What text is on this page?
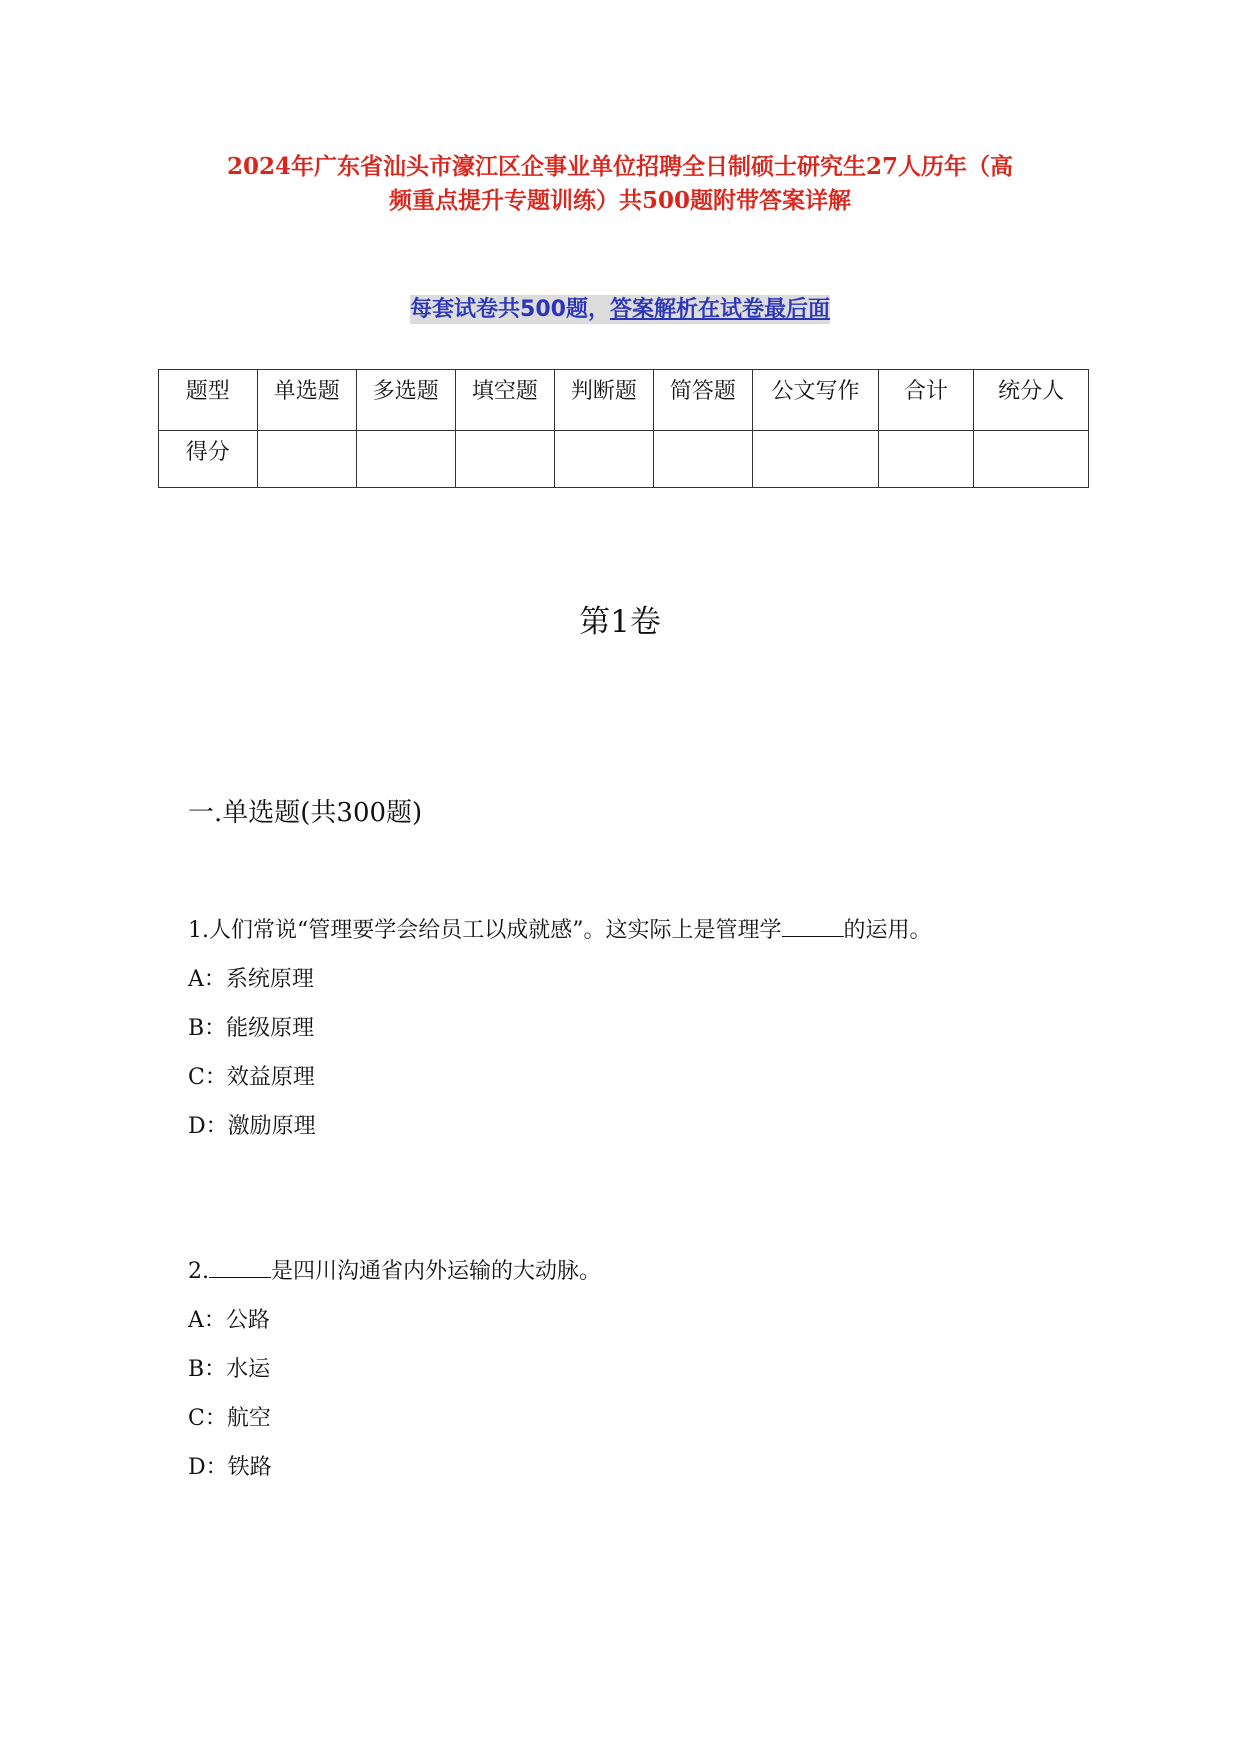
2024年广东省汕头市濠江区企事业单位招聘全日制硕士研究生27人历年（高
频重点提升专题训练）共500题附带答案详解
每套试卷共500题，答案解析在试卷最后面
题型	单选题	多选题	填空题	判断题	简答题	公文写作	合计	统分人
得分								
第1卷
一.单选题(共300题)
1.人们常说“管理要学会给员工以成就感”。这实际上是管理学	的运用。
A：系统原理
B：能级原理
C：效益原理
D：激励原理
2.	是四川沟通省内外运输的大动脉。
A：公路
B：水运
C：航空
D：铁路
